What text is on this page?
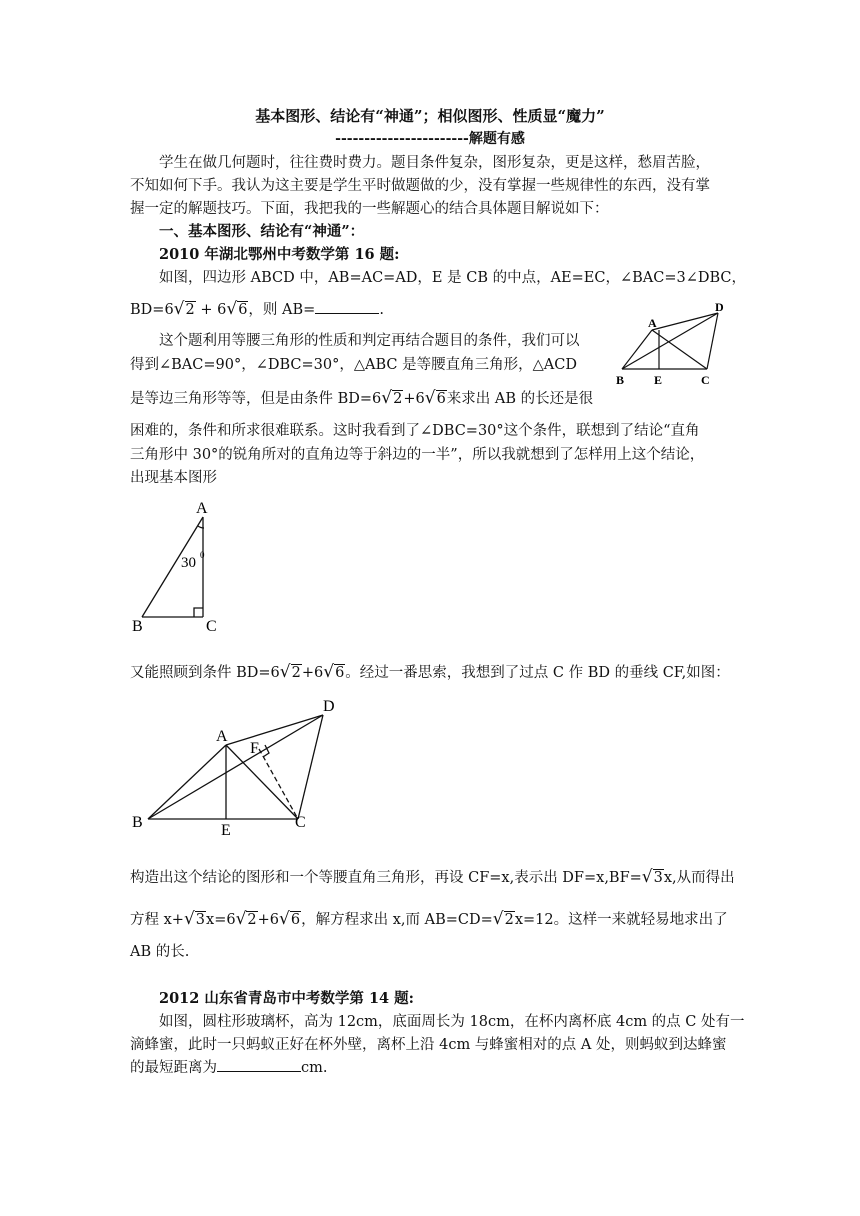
基本图形、结论有“神通”；相似图形、性质显“魔力”
-----------------------解题有感
学生在做几何题时，往往费时费力。题目条件复杂，图形复杂，更是这样，愁眉苦脸，
不知如何下手。我认为这主要是学生平时做题做的少，没有掌握一些规律性的东西，没有掌
握一定的解题技巧。下面，我把我的一些解题心的结合具体题目解说如下：
一、基本图形、结论有“神通”：
2010 年湖北鄂州中考数学第 16 题:
如图，四边形 ABCD 中，AB=AC=AD，E 是 CB 的中点，AE=EC，∠BAC=3∠DBC，
BD=6√2 + 6√6，则 AB=	.
这个题利用等腰三角形的性质和判定再结合题目的条件，我们可以
得到∠BAC=90°，∠DBC=30°，△ABC 是等腰直角三角形，△ACD
是等边三角形等等，但是由条件 BD=6√2+6√6来求出 AB 的长还是很
困难的，条件和所求很难联系。这时我看到了∠DBC=30°这个条件，联想到了结论“直角
三角形中 30°的锐角所对的直角边等于斜边的一半”，所以我就想到了怎样用上这个结论，
出现基本图形
A
D
B E	C
A
B	C
30 0
又能照顾到条件 BD=6√2+6√6。经过一番思索，我想到了过点 C 作 BD 的垂线 CF,如图：
A
F
D
B	E	C
构造出这个结论的图形和一个等腰直角三角形，再设 CF=x,表示出 DF=x,BF=√3x,从而得出
方程 x+√3x=6√2+6√6，解方程求出 x,而 AB=CD=√2x=12。这样一来就轻易地求出了
AB 的长.
2012 山东省青岛市中考数学第 14 题:
如图，圆柱形玻璃杯，高为 12cm，底面周长为 18cm，在杯内离杯底 4cm 的点 C 处有一
滴蜂蜜，此时一只蚂蚁正好在杯外壁，离杯上沿 4cm 与蜂蜜相对的点 A 处，则蚂蚁到达蜂蜜
的最短距离为	cm.
